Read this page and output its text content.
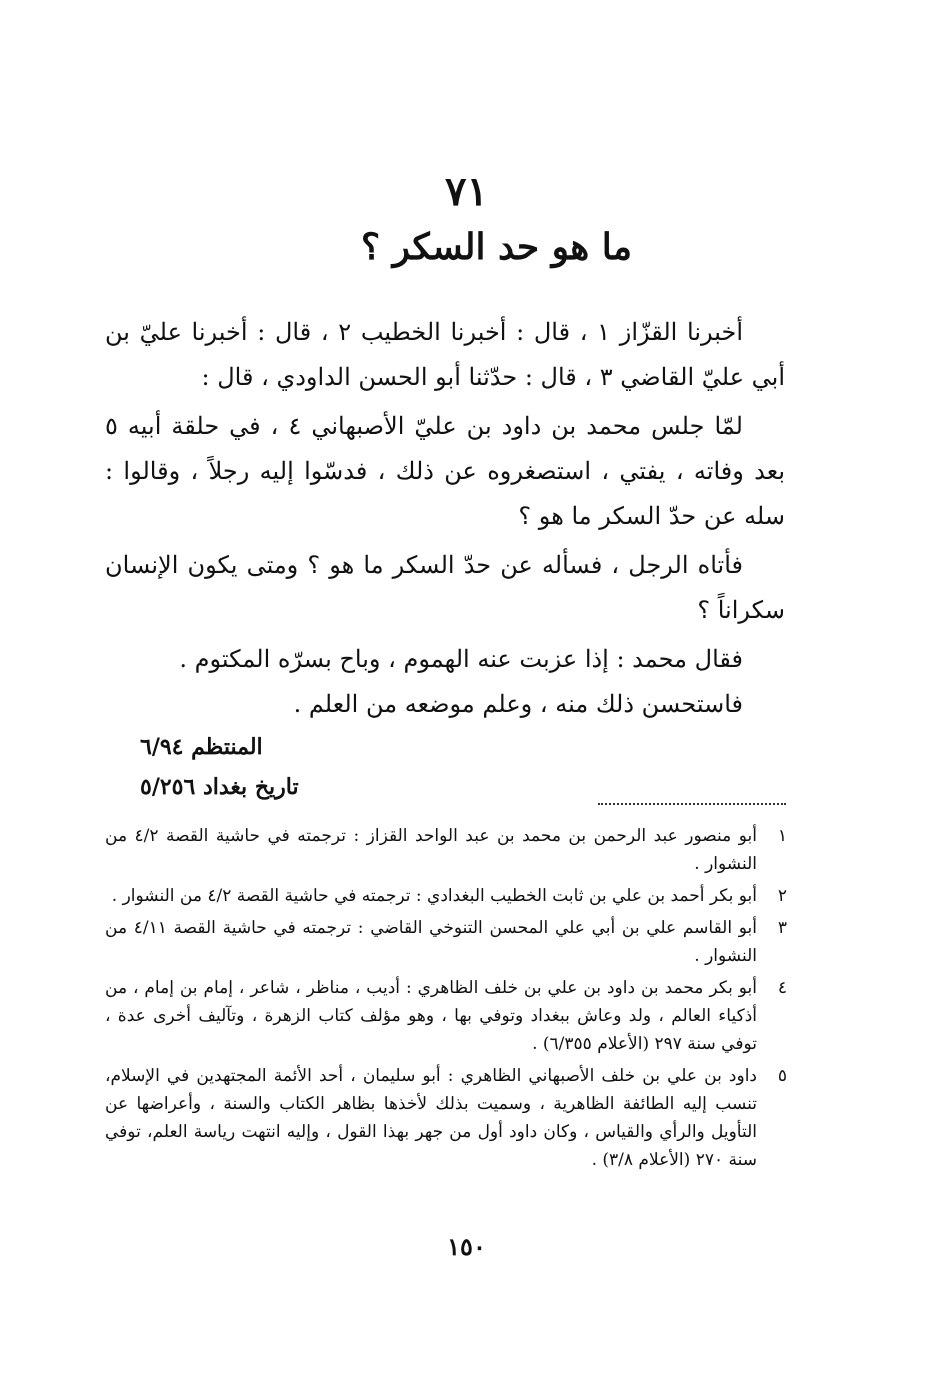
٧١
ما هو حد السكر ؟

أخبرنا القزّاز ١ ، قال : أخبرنا الخطيب ٢ ، قال : أخبرنا عليّ بن أبي عليّ القاضي ٣ ، قال : حدّثنا أبو الحسن الداودي ، قال :

لمّا جلس محمد بن داود بن عليّ الأصبهاني ٤ ، في حلقة أبيه ٥ بعد وفاته ، يفتي ، استصغروه عن ذلك ، فدسّوا إليه رجلاً ، وقالوا : سله عن حدّ السكر ما هو ؟

فأتاه الرجل ، فسأله عن حدّ السكر ما هو ؟ ومتى يكون الإنسان سكراناً ؟

فقال محمد : إذا عزبت عنه الهموم ، وباح بسرّه المكتوم .

فاستحسن ذلك منه ، وعلم موضعه من العلم .

المنتظم ٦/٩٤
تاريخ بغداد ٥/٢٥٦
١
أبو منصور عبد الرحمن بن محمد بن عبد الواحد القزاز : ترجمته في حاشية القصة ٤/٢ من النشوار .
٢
أبو بكر أحمد بن علي بن ثابت الخطيب البغدادي : ترجمته في حاشية القصة ٤/٢ من النشوار .
٣
أبو القاسم علي بن أبي علي المحسن التنوخي القاضي : ترجمته في حاشية القصة ٤/١١ من النشوار .
٤
أبو بكر محمد بن داود بن علي بن خلف الظاهري : أديب ، مناظر ، شاعر ، إمام بن إمام ، من أذكياء العالم ، ولد وعاش ببغداد وتوفي بها ، وهو مؤلف كتاب الزهرة ، وتآليف أخرى عدة ، توفي سنة ٢٩٧ (الأعلام ٦/٣٥٥) .
٥
داود بن علي بن خلف الأصبهاني الظاهري : أبو سليمان ، أحد الأئمة المجتهدين في الإسلام، تنسب إليه الطائفة الظاهرية ، وسميت بذلك لأخذها بظاهر الكتاب والسنة ، وأعراضها عن التأويل والرأي والقياس ، وكان داود أول من جهر بهذا القول ، وإليه انتهت رياسة العلم، توفي سنة ٢٧٠ (الأعلام ٣/٨) .
١٥٠
